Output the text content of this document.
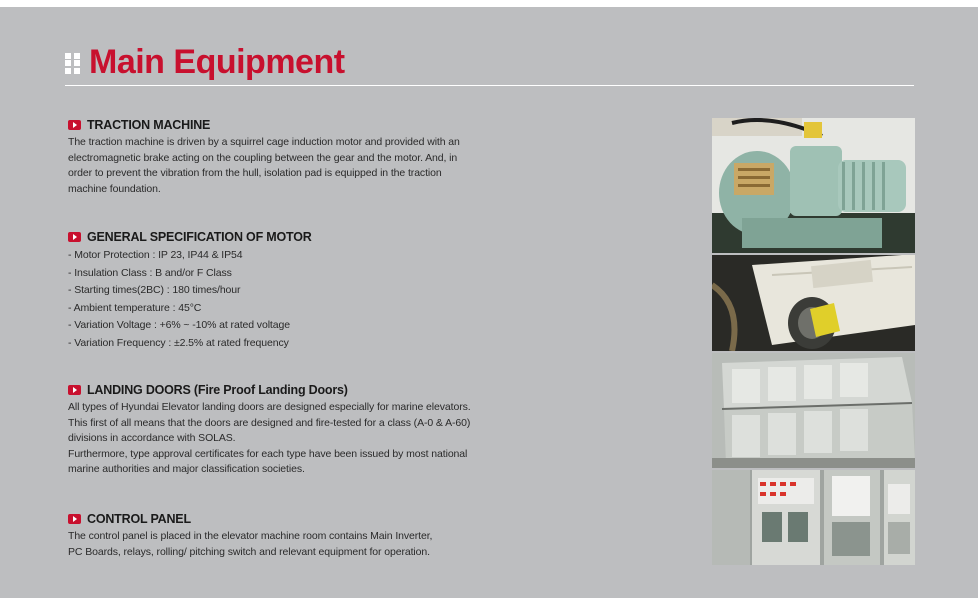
Main Equipment
TRACTION MACHINE

The traction machine is driven by a squirrel cage induction motor and provided with an

electromagnetic brake acting on the coupling between the gear and the motor. And, in

order to prevent the vibration from the hull, isolation pad is equipped in the traction

machine foundation.

GENERAL SPECIFICATION OF MOTOR
- Motor Protection : IP 23, IP44 & IP54
- Insulation Class : B and/or F Class
- Starting times(2BC) : 180 times/hour
- Ambient temperature : 45°C
- Variation Voltage : +6% ~ -10% at rated voltage
- Variation Frequency : ±2.5% at rated frequency
LANDING DOORS (Fire Proof Landing Doors)

All types of Hyundai Elevator landing doors are designed especially for marine elevators.

This first of all means that the doors are designed and fire-tested for a class (A-0 & A-60)

divisions in accordance with SOLAS.

Furthermore, type approval certificates for each type have been issued by most national

marine authorities and major classification societies.

CONTROL PANEL

The control panel is placed in the elevator machine room contains Main Inverter,

PC Boards, relays, rolling/ pitching switch and relevant equipment for operation.
